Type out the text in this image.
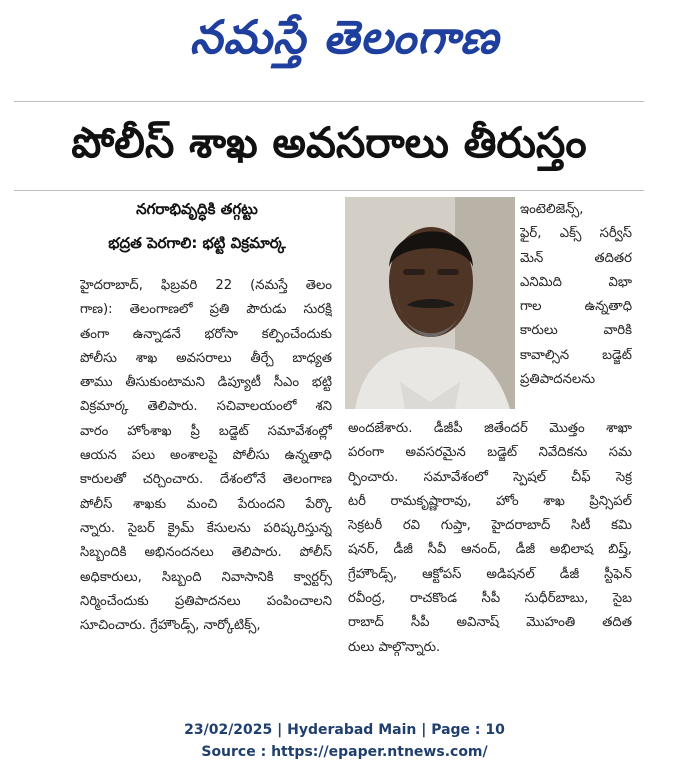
నమస్తే తెలంగాణ
పోలీస్ శాఖ అవసరాలు తీరుస్తం
నగరాభివృద్ధికి తగ్గట్టు
భద్రత పెరగాలి: భట్టి విక్రమార్క
హైదరాబాద్, ఫిబ్రవరి 22 (నమస్తే తెలం
గాణ): తెలంగాణలో ప్రతి పౌరుడు సురక్షి
తంగా ఉన్నాడనే భరోసా కల్పించేందుకు
పోలీసు శాఖ అవసరాలు తీర్చే బాధ్యత
తాము తీసుకుంటామని డిప్యూటీ సీఎం భట్టి
విక్రమార్క తెలిపారు. సచివాలయంలో శని
వారం హోంశాఖ ప్రీ బడ్జెట్ సమావేశంల్లో
ఆయన పలు అంశాలపై పోలీసు ఉన్నతాధి
కారులతో చర్చించారు. దేశంలోనే తెలంగాణ
పోలీస్ శాఖకు మంచి పేరుందని పేర్కొ
న్నారు. సైబర్ క్రైమ్ కేసులను పరిష్కరిస్తున్న
సిబ్బందికి అభినందనలు తెలిపారు. పోలీస్
అధికారులు, సిబ్బంది నివాసానికి క్వార్టర్స్
నిర్మించేందుకు ప్రతిపాదనలు పంపించాలని
సూచించారు. గ్రేహౌండ్స్, నార్కోటిక్స్,
ఇంటెలిజెన్స్,
ఫైర్, ఎక్స్ సర్వీస్
మెన్ తదితర
ఎనిమిది విభా
గాల ఉన్నతాధి
కారులు వారికి
కావాల్సిన బడ్జెట్
ప్రతిపాదనలను
అందజేశారు. డీజీపీ జితేందర్ మొత్తం శాఖా
పరంగా అవసరమైన బడ్జెట్ నివేదికను సమ
ర్పించారు. సమావేశంలో స్పెషల్ చీఫ్ సెక్ర
టరీ రామకృష్ణారావు, హోం శాఖ ప్రిన్సిపల్
సెక్రటరీ రవి గుప్తా, హైదరాబాద్ సిటీ కమి
షనర్, డీజీ సీవీ ఆనంద్, డీజీ అభిలాష బిష్త్,
గ్రేహౌండ్స్, ఆక్టోపస్ అడిషనల్ డీజీ స్టీఫెన్
రవీంద్ర, రాచకొండ సీపీ సుధీర్‌బాబు, సైబ
రాబాద్ సీపీ అవినాష్ మొహంతి తదిత
రులు పాల్గొన్నారు.
23/02/2025 | Hyderabad Main | Page : 10
Source : https://epaper.ntnews.com/
